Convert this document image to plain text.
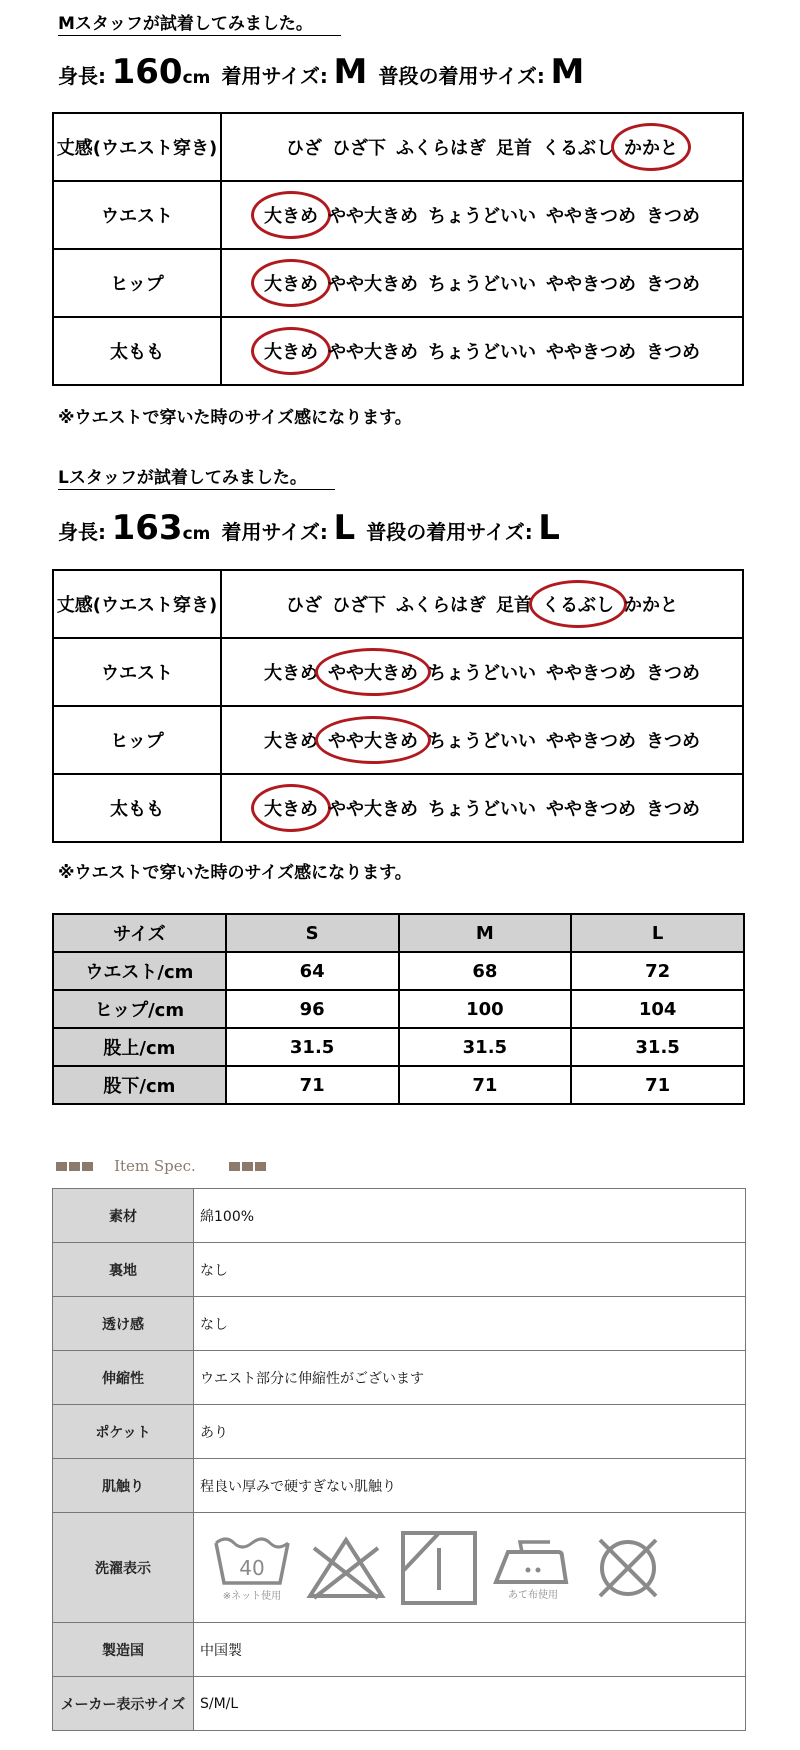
Mスタッフが試着してみました。
身長: 160cm 着用サイズ: M 普段の着用サイズ: M
丈感(ウエスト穿き)	ひざ ひざ下 ふくらはぎ 足首 くるぶし かかと
ウエスト	大きめ やや大きめ ちょうどいい ややきつめ きつめ
ヒップ	大きめ やや大きめ ちょうどいい ややきつめ きつめ
太もも	大きめ やや大きめ ちょうどいい ややきつめ きつめ
※ウエストで穿いた時のサイズ感になります。
Lスタッフが試着してみました。
身長: 163cm 着用サイズ: L 普段の着用サイズ: L
丈感(ウエスト穿き)	ひざ ひざ下 ふくらはぎ 足首 くるぶし かかと
ウエスト	大きめ やや大きめ ちょうどいい ややきつめ きつめ
ヒップ	大きめ やや大きめ ちょうどいい ややきつめ きつめ
太もも	大きめ やや大きめ ちょうどいい ややきつめ きつめ
※ウエストで穿いた時のサイズ感になります。
サイズ	S	M	L
ウエスト/cm	64	68	72
ヒップ/cm	96	100	104
股上/cm	31.5	31.5	31.5
股下/cm	71	71	71
Item Spec.
素材	綿100%
裏地	なし
透け感	なし
伸縮性	ウエスト部分に伸縮性がございます
ポケット	あり
肌触り	程良い厚みで硬すぎない肌触り
洗濯表示	40
※ネット使用 あて布使用

製造国	中国製
メーカー表示サイズ	S/M/L
